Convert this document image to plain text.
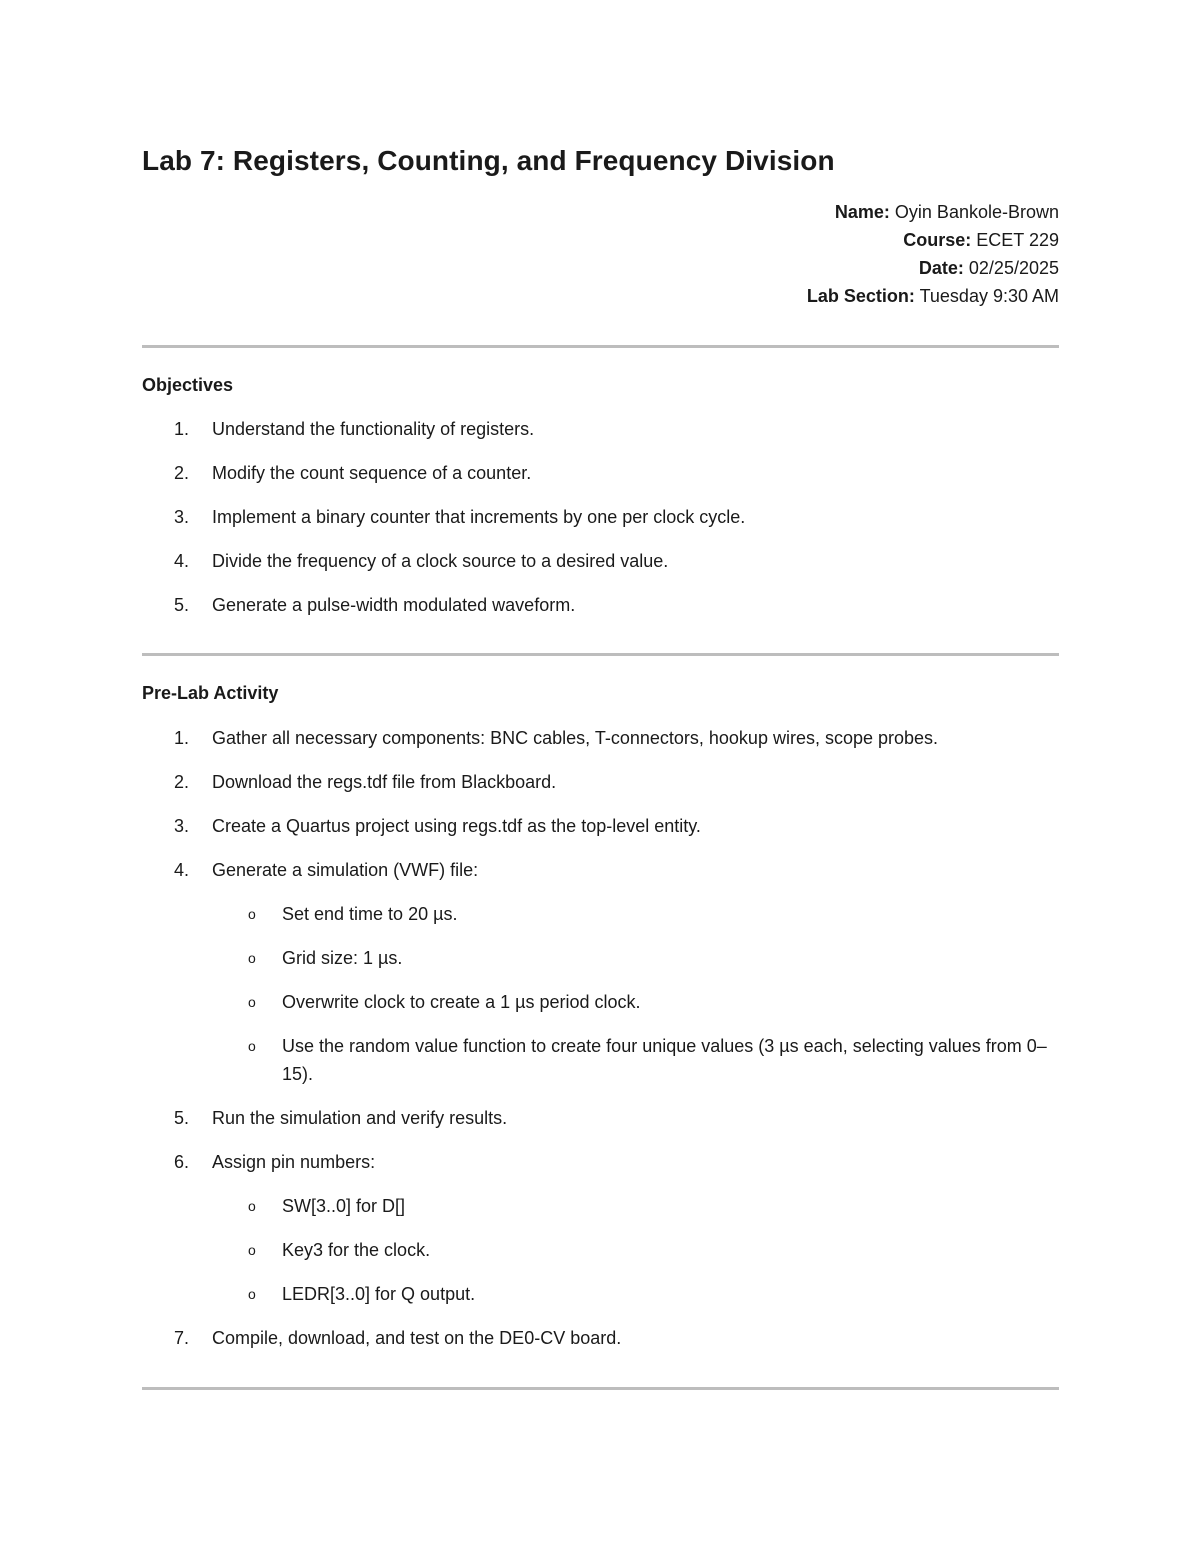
Lab 7: Registers, Counting, and Frequency Division
Name: Oyin Bankole-Brown
Course: ECET 229
Date: 02/25/2025
Lab Section: Tuesday 9:30 AM
Objectives
1. Understand the functionality of registers.
2. Modify the count sequence of a counter.
3. Implement a binary counter that increments by one per clock cycle.
4. Divide the frequency of a clock source to a desired value.
5. Generate a pulse-width modulated waveform.
Pre-Lab Activity
1. Gather all necessary components: BNC cables, T-connectors, hookup wires, scope probes.
2. Download the regs.tdf file from Blackboard.
3. Create a Quartus project using regs.tdf as the top-level entity.
4. Generate a simulation (VWF) file:
o Set end time to 20 µs.
o Grid size: 1 µs.
o Overwrite clock to create a 1 µs period clock.
o Use the random value function to create four unique values (3 µs each, selecting values from 0–15).
5. Run the simulation and verify results.
6. Assign pin numbers:
o SW[3..0] for D[]
o Key3 for the clock.
o LEDR[3..0] for Q output.
7. Compile, download, and test on the DE0-CV board.
